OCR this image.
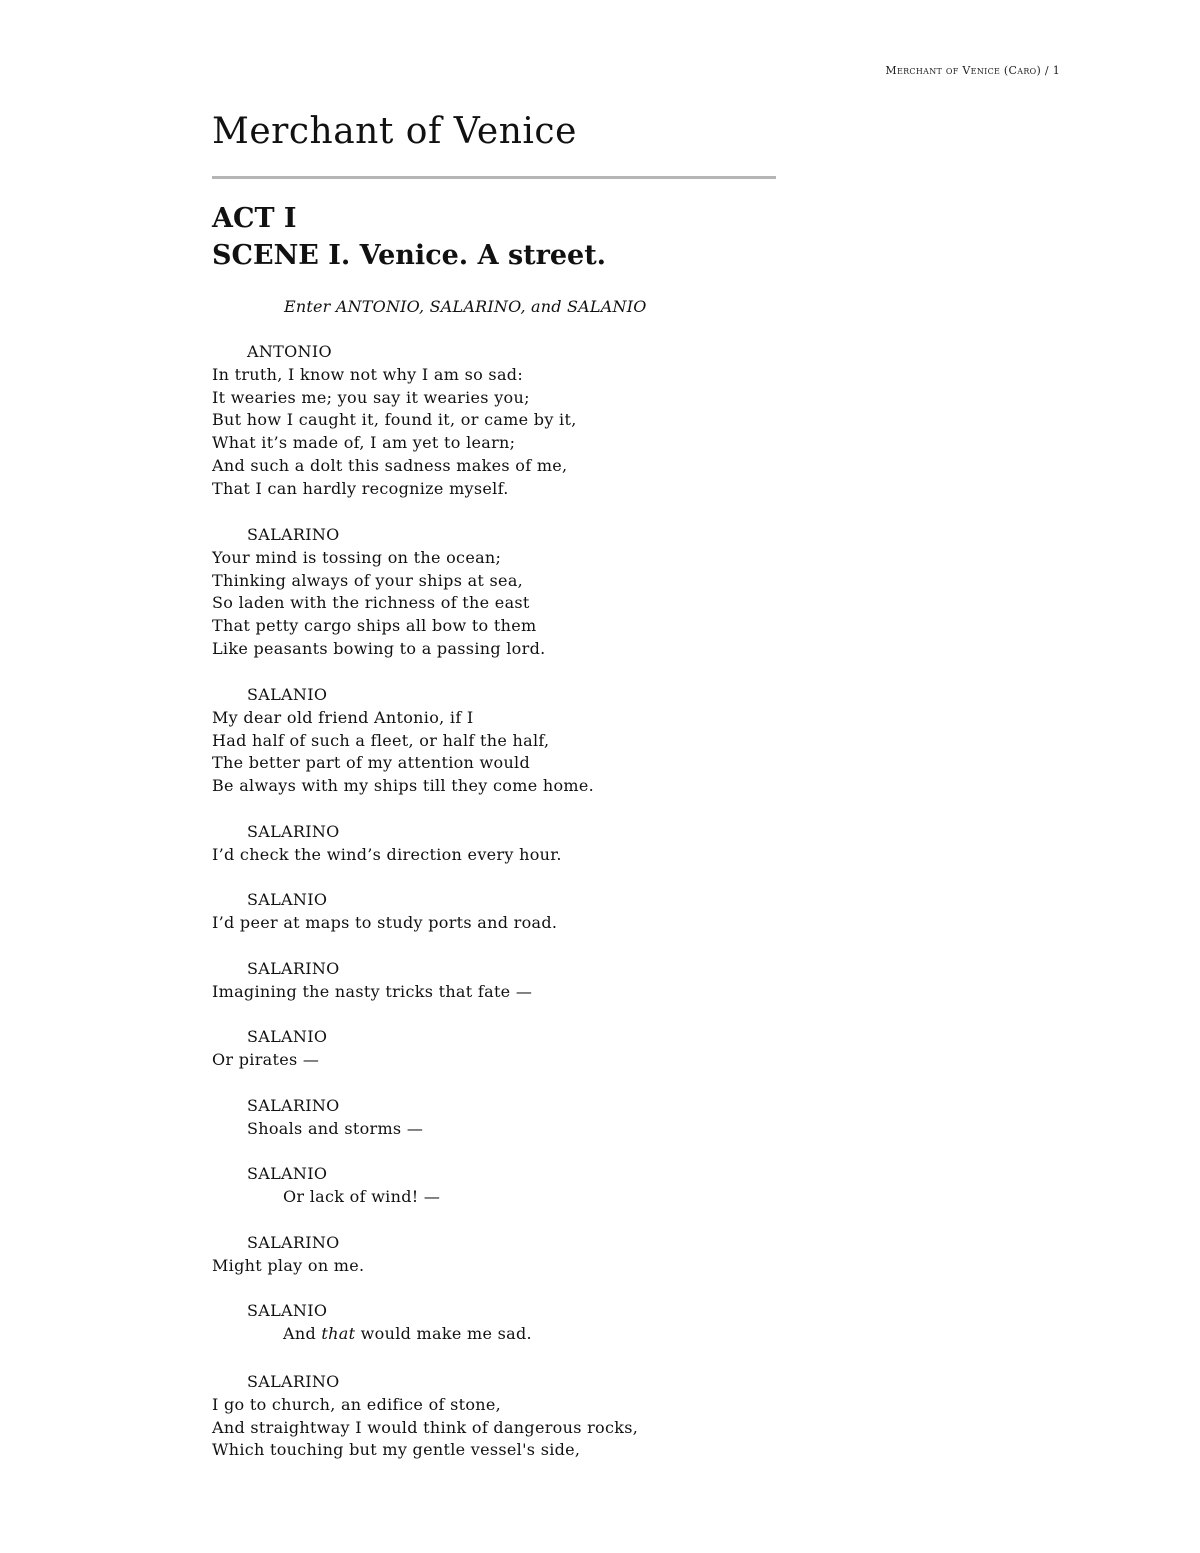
Merchant of Venice (Caro) / 1
Merchant of Venice
ACT I
SCENE I. Venice. A street.
Enter ANTONIO, SALARINO, and SALANIO
ANTONIO
In truth, I know not why I am so sad:
It wearies me; you say it wearies you;
But how I caught it, found it, or came by it,
What it’s made of, I am yet to learn;
And such a dolt this sadness makes of me,
That I can hardly recognize myself.
SALARINO
Your mind is tossing on the ocean;
Thinking always of your ships at sea,
So laden with the richness of the east
That petty cargo ships all bow to them
Like peasants bowing to a passing lord.
SALANIO
My dear old friend Antonio, if I
Had half of such a fleet, or half the half,
The better part of my attention would
Be always with my ships till they come home.
SALARINO
I’d check the wind’s direction every hour.
SALANIO
I’d peer at maps to study ports and road.
SALARINO
Imagining the nasty tricks that fate —
SALANIO
Or pirates —
SALARINO
Shoals and storms —
SALANIO
Or lack of wind! —
SALARINO
Might play on me.
SALANIO
And that would make me sad.
SALARINO
I go to church, an edifice of stone,
And straightway I would think of dangerous rocks,
Which touching but my gentle vessel's side,
